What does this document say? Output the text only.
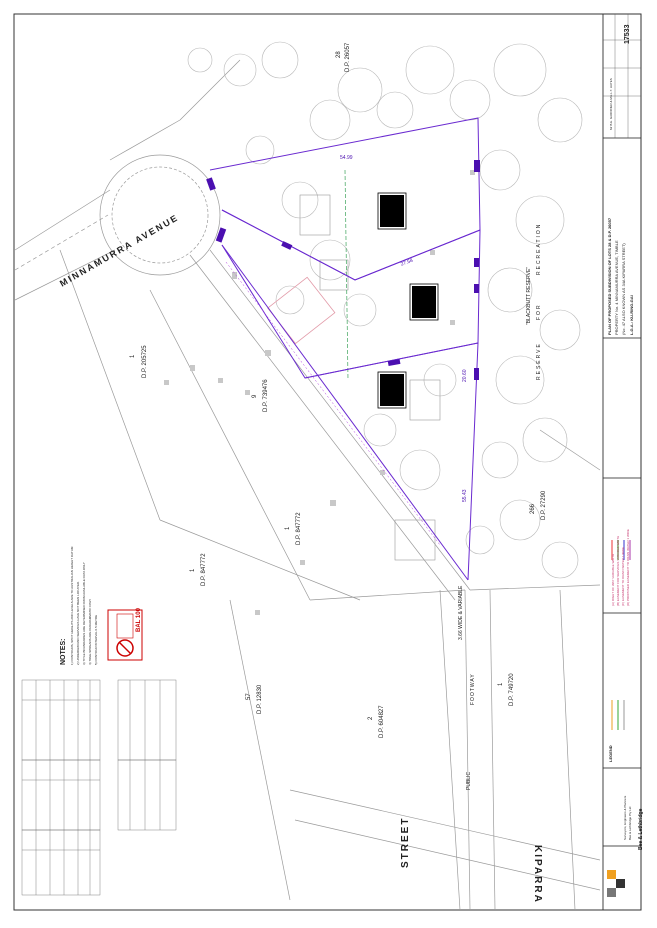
MINNAMURRA AVENUE
STREET
KIPARRA
28 D.P. 26057
1 D.P. 205725
9 D.P. 739476
1 D.P. 847772
1 D.P. 847772
57 D.P. 12830
2 D.P. 604827
1 D.P. 749720
266 D.P. 27290
RESERVE
FOR
RECREATION
"BLACKBUTT RESERVE"
FOOTWAY
3.66 WIDE & VARIABLE
PUBLIC
54.99
27.58
55.43
20.60
NOTES: 1) CONTOURS, SPOT HEIGHTS AND LEVELS ARE TO AUSTRALIAN HEIGHT DATUM 2) UNDERGROUND SERVICES HAVE NOT BEEN LOCATED. 3) TITLE BOUNDARIES ARE DETERMINED FROM AVAILABLE DATA ONLY 4) TREE SPREADS ARE DIAGRAMMATIC ONLY 5) CONTOUR INTERVAL 0.5 METRE	BAL 100
Bee & Lethbridge
Bee & Lethbridge Pty Ltd
Surveyors, Engineers & Planners
Mr B.E. GARDINER & Mrs L.T. HAYES
PLAN OF PROPOSED SUBDIVISION OF LOTS 28 & D.P. 26057 PROPERTY No. 4 MINNAMURRA AVENUE, TIMBLE (No. 47 ALSO KNOWN AS 34A KIPARRA STREET) L.G.A.: KU-RING-GAI
17533
LEGEND
(A) RIGHT OF WAY VARIABLE WIDTH (B) EASEMENT FOR SERVICES VARIABLE WIDTH (C) EASEMENT TO DRAIN WATER 1 WIDE (D) PROPOSED EASEMENT TO DRAIN WATER 1 WIDE
